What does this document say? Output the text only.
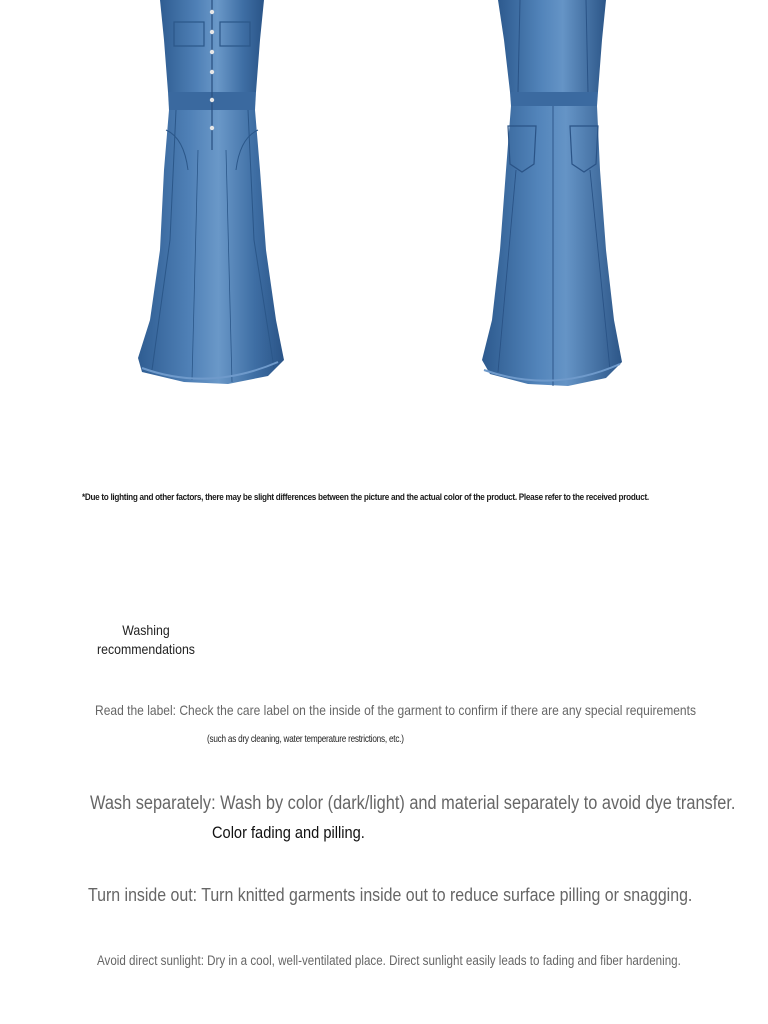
*Due to lighting and other factors, there may be slight differences between the picture and the actual color of the product. Please refer to the received product.
Washing
recommendations
Read the label: Check the care label on the inside of the garment to confirm if there are any special requirements
(such as dry cleaning, water temperature restrictions, etc.)
Wash separately: Wash by color (dark/light) and material separately to avoid dye transfer.
Color fading and pilling.
Turn inside out: Turn knitted garments inside out to reduce surface pilling or snagging.
Avoid direct sunlight: Dry in a cool, well-ventilated place. Direct sunlight easily leads to fading and fiber hardening.
